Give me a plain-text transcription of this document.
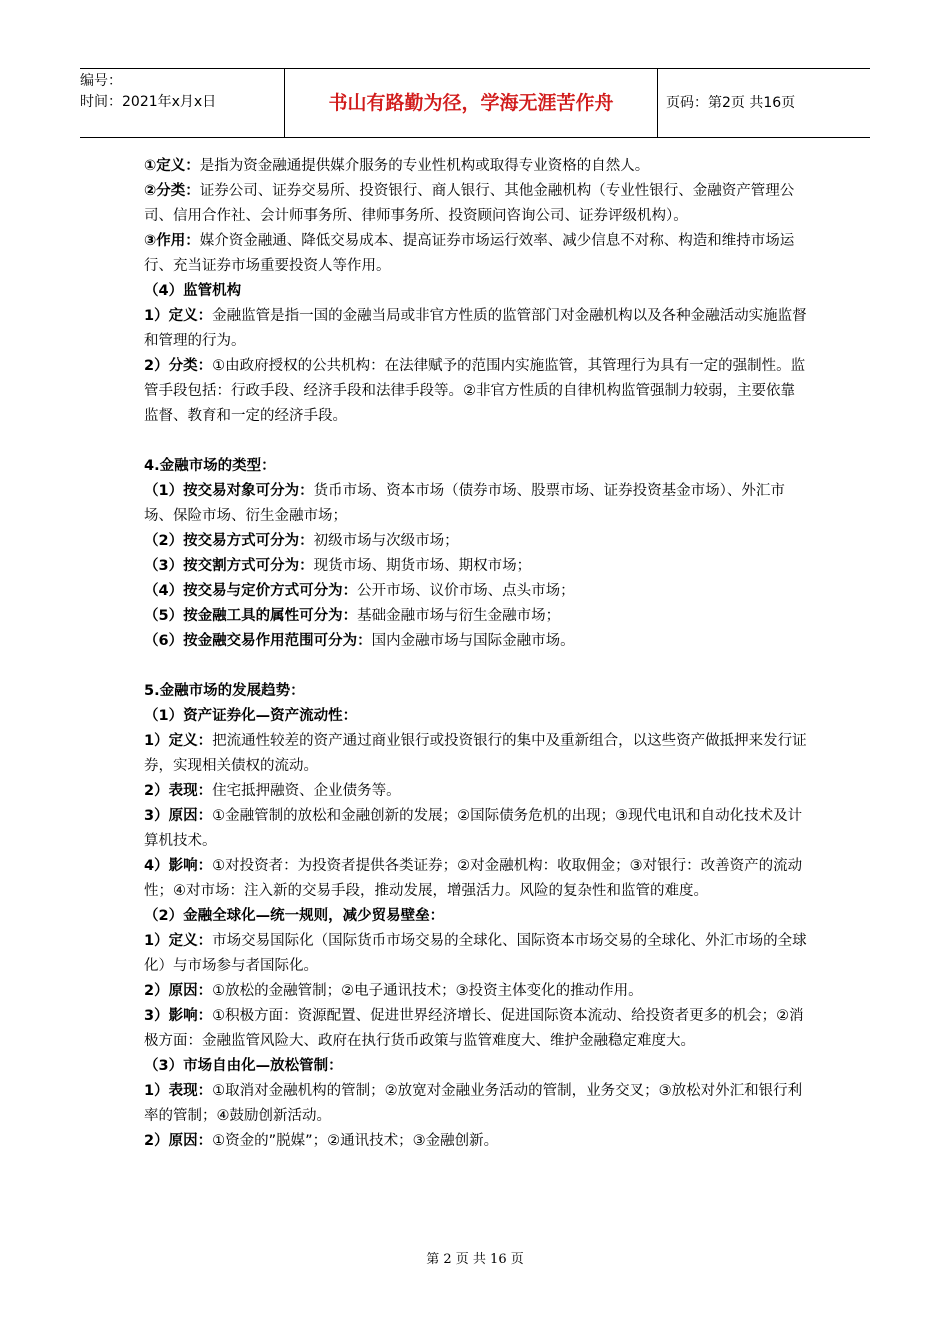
编号：
时间：2021年x月x日	书山有路勤为径，学海无涯苦作舟	页码：第2页 共16页
①定义：是指为资金融通提供媒介服务的专业性机构或取得专业资格的自然人。
②分类：证券公司、证券交易所、投资银行、商人银行、其他金融机构（专业性银行、金融资产管理公司、信用合作社、会计师事务所、律师事务所、投资顾问咨询公司、证券评级机构）。
③作用：媒介资金融通、降低交易成本、提高证券市场运行效率、减少信息不对称、构造和维持市场运行、充当证券市场重要投资人等作用。
（4）监管机构
1）定义：金融监管是指一国的金融当局或非官方性质的监管部门对金融机构以及各种金融活动实施监督和管理的行为。
2）分类：①由政府授权的公共机构：在法律赋予的范围内实施监管，其管理行为具有一定的强制性。监管手段包括：行政手段、经济手段和法律手段等。②非官方性质的自律机构监管强制力较弱，主要依靠监督、教育和一定的经济手段。
4.金融市场的类型：
（1）按交易对象可分为：货币市场、资本市场（债券市场、股票市场、证券投资基金市场）、外汇市场、保险市场、衍生金融市场；
（2）按交易方式可分为：初级市场与次级市场；
（3）按交割方式可分为：现货市场、期货市场、期权市场；
（4）按交易与定价方式可分为：公开市场、议价市场、点头市场；
（5）按金融工具的属性可分为：基础金融市场与衍生金融市场；
（6）按金融交易作用范围可分为：国内金融市场与国际金融市场。
5.金融市场的发展趋势：
（1）资产证券化—资产流动性：
1）定义：把流通性较差的资产通过商业银行或投资银行的集中及重新组合，以这些资产做抵押来发行证券，实现相关债权的流动。
2）表现：住宅抵押融资、企业债务等。
3）原因：①金融管制的放松和金融创新的发展；②国际债务危机的出现；③现代电讯和自动化技术及计算机技术。
4）影响：①对投资者：为投资者提供各类证券；②对金融机构：收取佣金；③对银行：改善资产的流动性；④对市场：注入新的交易手段，推动发展，增强活力。风险的复杂性和监管的难度。
（2）金融全球化—统一规则，减少贸易壁垒：
1）定义：市场交易国际化（国际货币市场交易的全球化、国际资本市场交易的全球化、外汇市场的全球化）与市场参与者国际化。
2）原因：①放松的金融管制；②电子通讯技术；③投资主体变化的推动作用。
3）影响：①积极方面：资源配置、促进世界经济增长、促进国际资本流动、给投资者更多的机会；②消极方面：金融监管风险大、政府在执行货币政策与监管难度大、维护金融稳定难度大。
（3）市场自由化—放松管制：
1）表现：①取消对金融机构的管制；②放宽对金融业务活动的管制，业务交叉；③放松对外汇和银行利率的管制；④鼓励创新活动。
2）原因：①资金的”脱媒”；②通讯技术；③金融创新。
第 2 页 共 16 页
